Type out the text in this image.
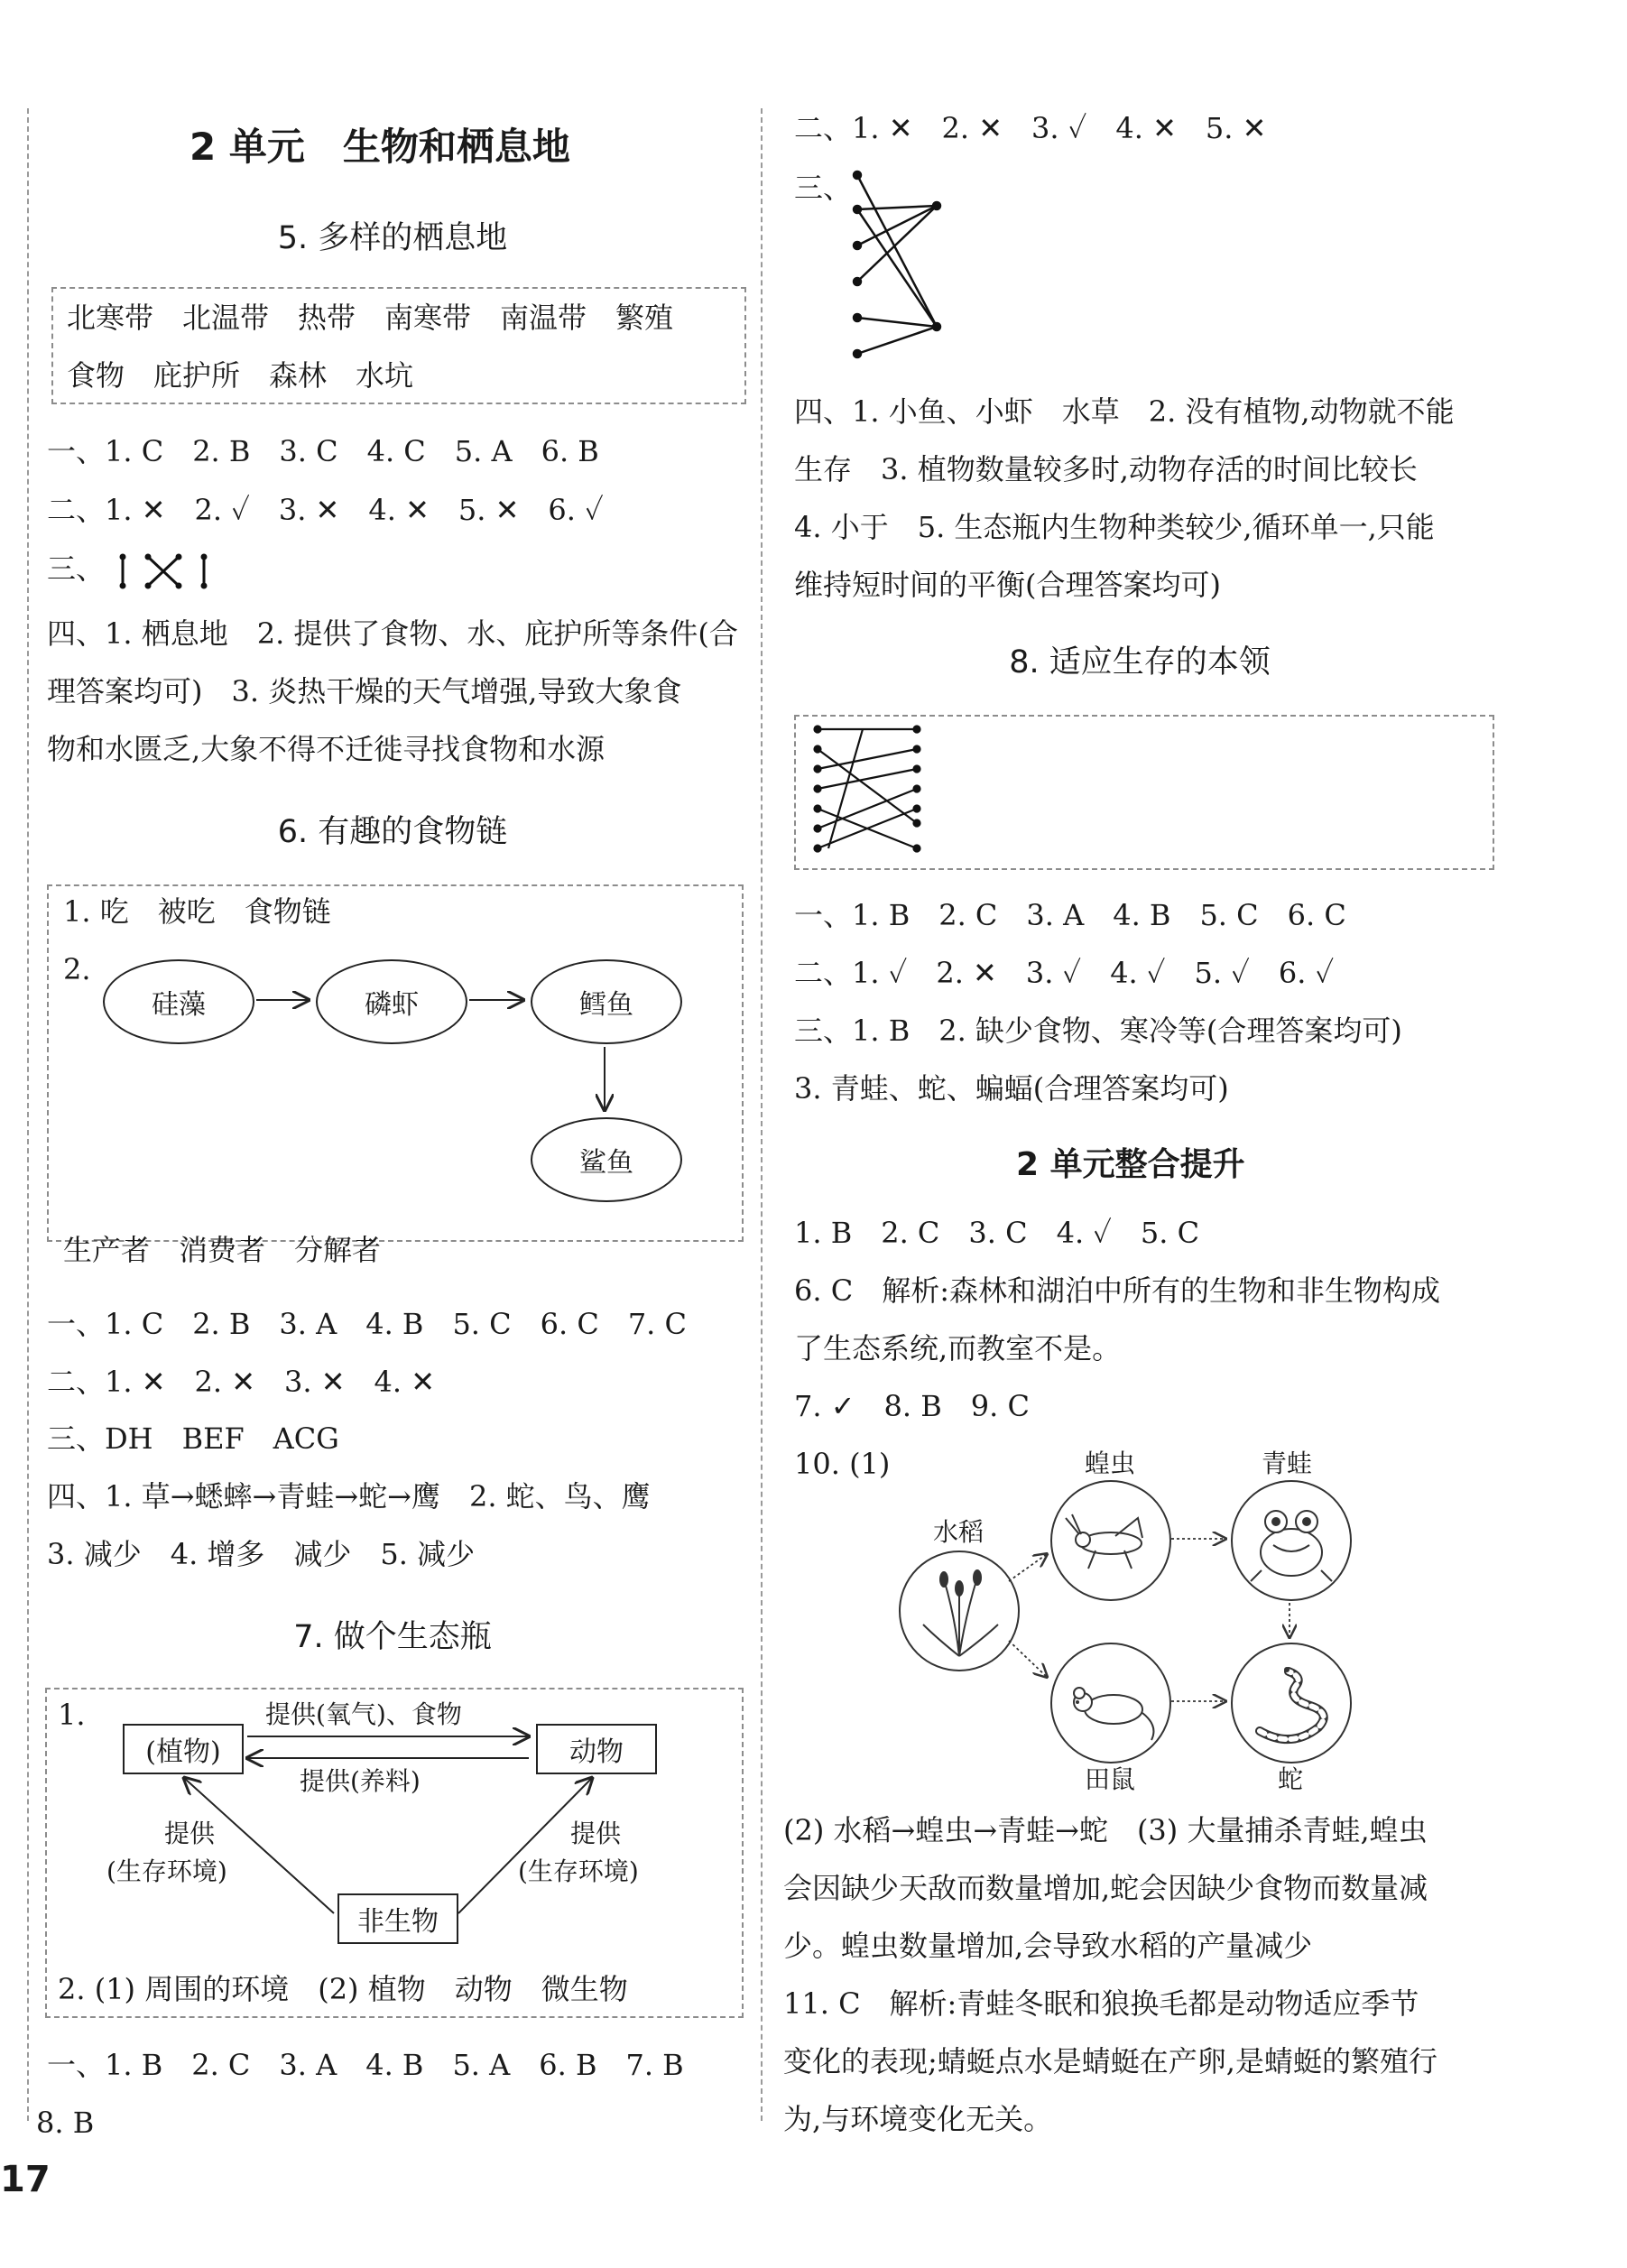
2 单元　生物和栖息地
5. 多样的栖息地
北寒带　北温带　热带　南寒带　南温带　繁殖
食物　庇护所　森林　水坑
一、1. C　2. B　3. C　4. C　5. A　6. B
二、1. ✕　2. ✓　3. ✕　4. ✕　5. ✕　6. ✓
三、
四、1. 栖息地　2. 提供了食物、水、庇护所等条件(合
理答案均可)　3. 炎热干燥的天气增强,导致大象食
物和水匮乏,大象不得不迁徙寻找食物和水源
6. 有趣的食物链
1. 吃　被吃　食物链
2.
硅藻	磷虾	鳕鱼
鲨鱼
生产者　消费者　分解者
一、1. C　2. B　3. A　4. B　5. C　6. C　7. C
二、1. ✕　2. ✕　3. ✕　4. ✕
三、DH　BEF　ACG
四、1. 草→蟋蟀→青蛙→蛇→鹰　2. 蛇、鸟、鹰
3. 减少　4. 增多　减少　5. 减少
7. 做个生态瓶
1.
(植物)	动物
非生物
提供(氧气)、食物
提供(养料)
提供
(生存环境)
提供
(生存环境)
2. (1) 周围的环境　(2) 植物　动物　微生物
一、1. B　2. C　3. A　4. B　5. A　6. B　7. B
8. B
二、1. ✕　2. ✕　3. ✓　4. ✕　5. ✕
三、
四、1. 小鱼、小虾　水草　2. 没有植物,动物就不能
生存　3. 植物数量较多时,动物存活的时间比较长
4. 小于　5. 生态瓶内生物种类较少,循环单一,只能
维持短时间的平衡(合理答案均可)
8. 适应生存的本领
一、1. B　2. C　3. A　4. B　5. C　6. C
二、1. ✓　2. ✕　3. ✓　4. ✓　5. ✓　6. ✓
三、1. B　2. 缺少食物、寒冷等(合理答案均可)
3. 青蛙、蛇、蝙蝠(合理答案均可)
2 单元整合提升
1. B　2. C　3. C　4. ✓　5. C
6. C　解析:森林和湖泊中所有的生物和非生物构成
了生态系统,而教室不是。
7. ✓　8. B　9. C
10. (1)
水稻
蝗虫	青蛙
田鼠	蛇
(2) 水稻→蝗虫→青蛙→蛇　(3) 大量捕杀青蛙,蝗虫
会因缺少天敌而数量增加,蛇会因缺少食物而数量减
少。蝗虫数量增加,会导致水稻的产量减少
11. C　解析:青蛙冬眠和狼换毛都是动物适应季节
变化的表现;蜻蜓点水是蜻蜓在产卵,是蜻蜓的繁殖行
为,与环境变化无关。
17
